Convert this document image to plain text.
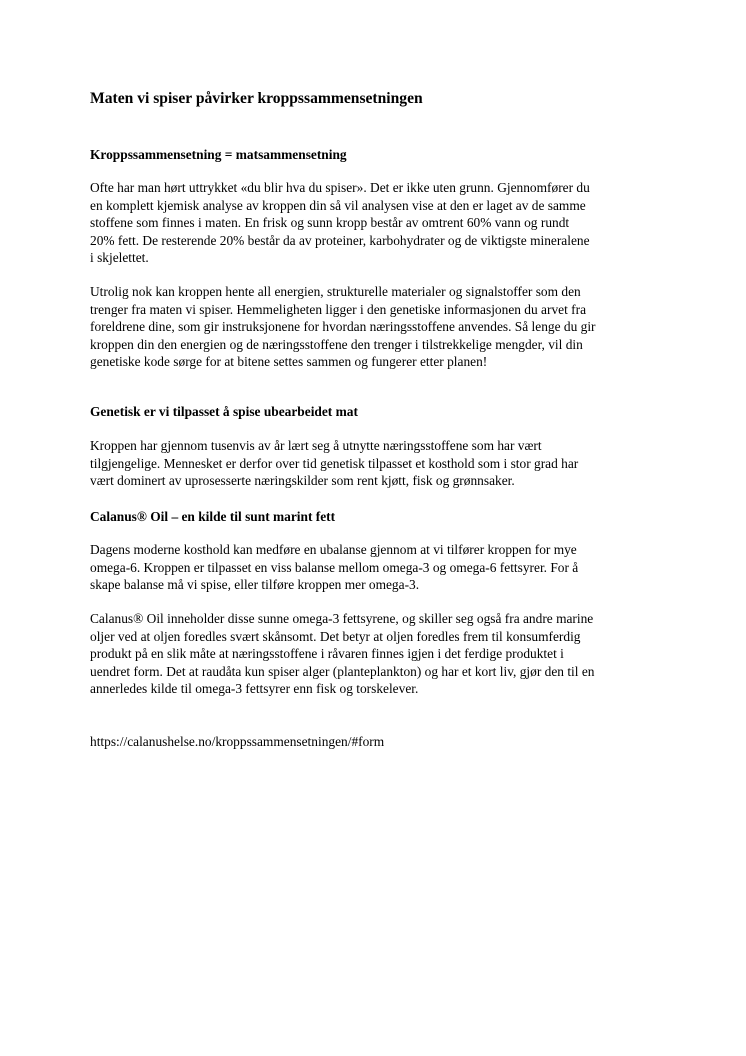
Maten vi spiser påvirker kroppssammensetningen
Kroppssammensetning = matsammensetning

Ofte har man hørt uttrykket «du blir hva du spiser». Det er ikke uten grunn. Gjennomfører du
en komplett kjemisk analyse av kroppen din så vil analysen vise at den er laget av de samme
stoffene som finnes i maten. En frisk og sunn kropp består av omtrent 60% vann og rundt
20% fett. De resterende 20% består da av proteiner, karbohydrater og de viktigste mineralene
i skjelettet.

Utrolig nok kan kroppen hente all energien, strukturelle materialer og signalstoffer som den
trenger fra maten vi spiser. Hemmeligheten ligger i den genetiske informasjonen du arvet fra
foreldrene dine, som gir instruksjonene for hvordan næringsstoffene anvendes. Så lenge du gir
kroppen din den energien og de næringsstoffene den trenger i tilstrekkelige mengder, vil din
genetiske kode sørge for at bitene settes sammen og fungerer etter planen!

Genetisk er vi tilpasset å spise ubearbeidet mat

Kroppen har gjennom tusenvis av år lært seg å utnytte næringsstoffene som har vært
tilgjengelige. Mennesket er derfor over tid genetisk tilpasset et kosthold som i stor grad har
vært dominert av uprosesserte næringskilder som rent kjøtt, fisk og grønnsaker.

Calanus® Oil – en kilde til sunt marint fett

Dagens moderne kosthold kan medføre en ubalanse gjennom at vi tilfører kroppen for mye
omega-6. Kroppen er tilpasset en viss balanse mellom omega-3 og omega-6 fettsyrer. For å
skape balanse må vi spise, eller tilføre kroppen mer omega-3.

Calanus® Oil inneholder disse sunne omega-3 fettsyrene, og skiller seg også fra andre marine
oljer ved at oljen foredles svært skånsomt. Det betyr at oljen foredles frem til konsumferdig
produkt på en slik måte at næringsstoffene i råvaren finnes igjen i det ferdige produktet i
uendret form. Det at raudåta kun spiser alger (planteplankton) og har et kort liv, gjør den til en
annerledes kilde til omega-3 fettsyrer enn fisk og torskelever.

https://calanushelse.no/kroppssammensetningen/#form
